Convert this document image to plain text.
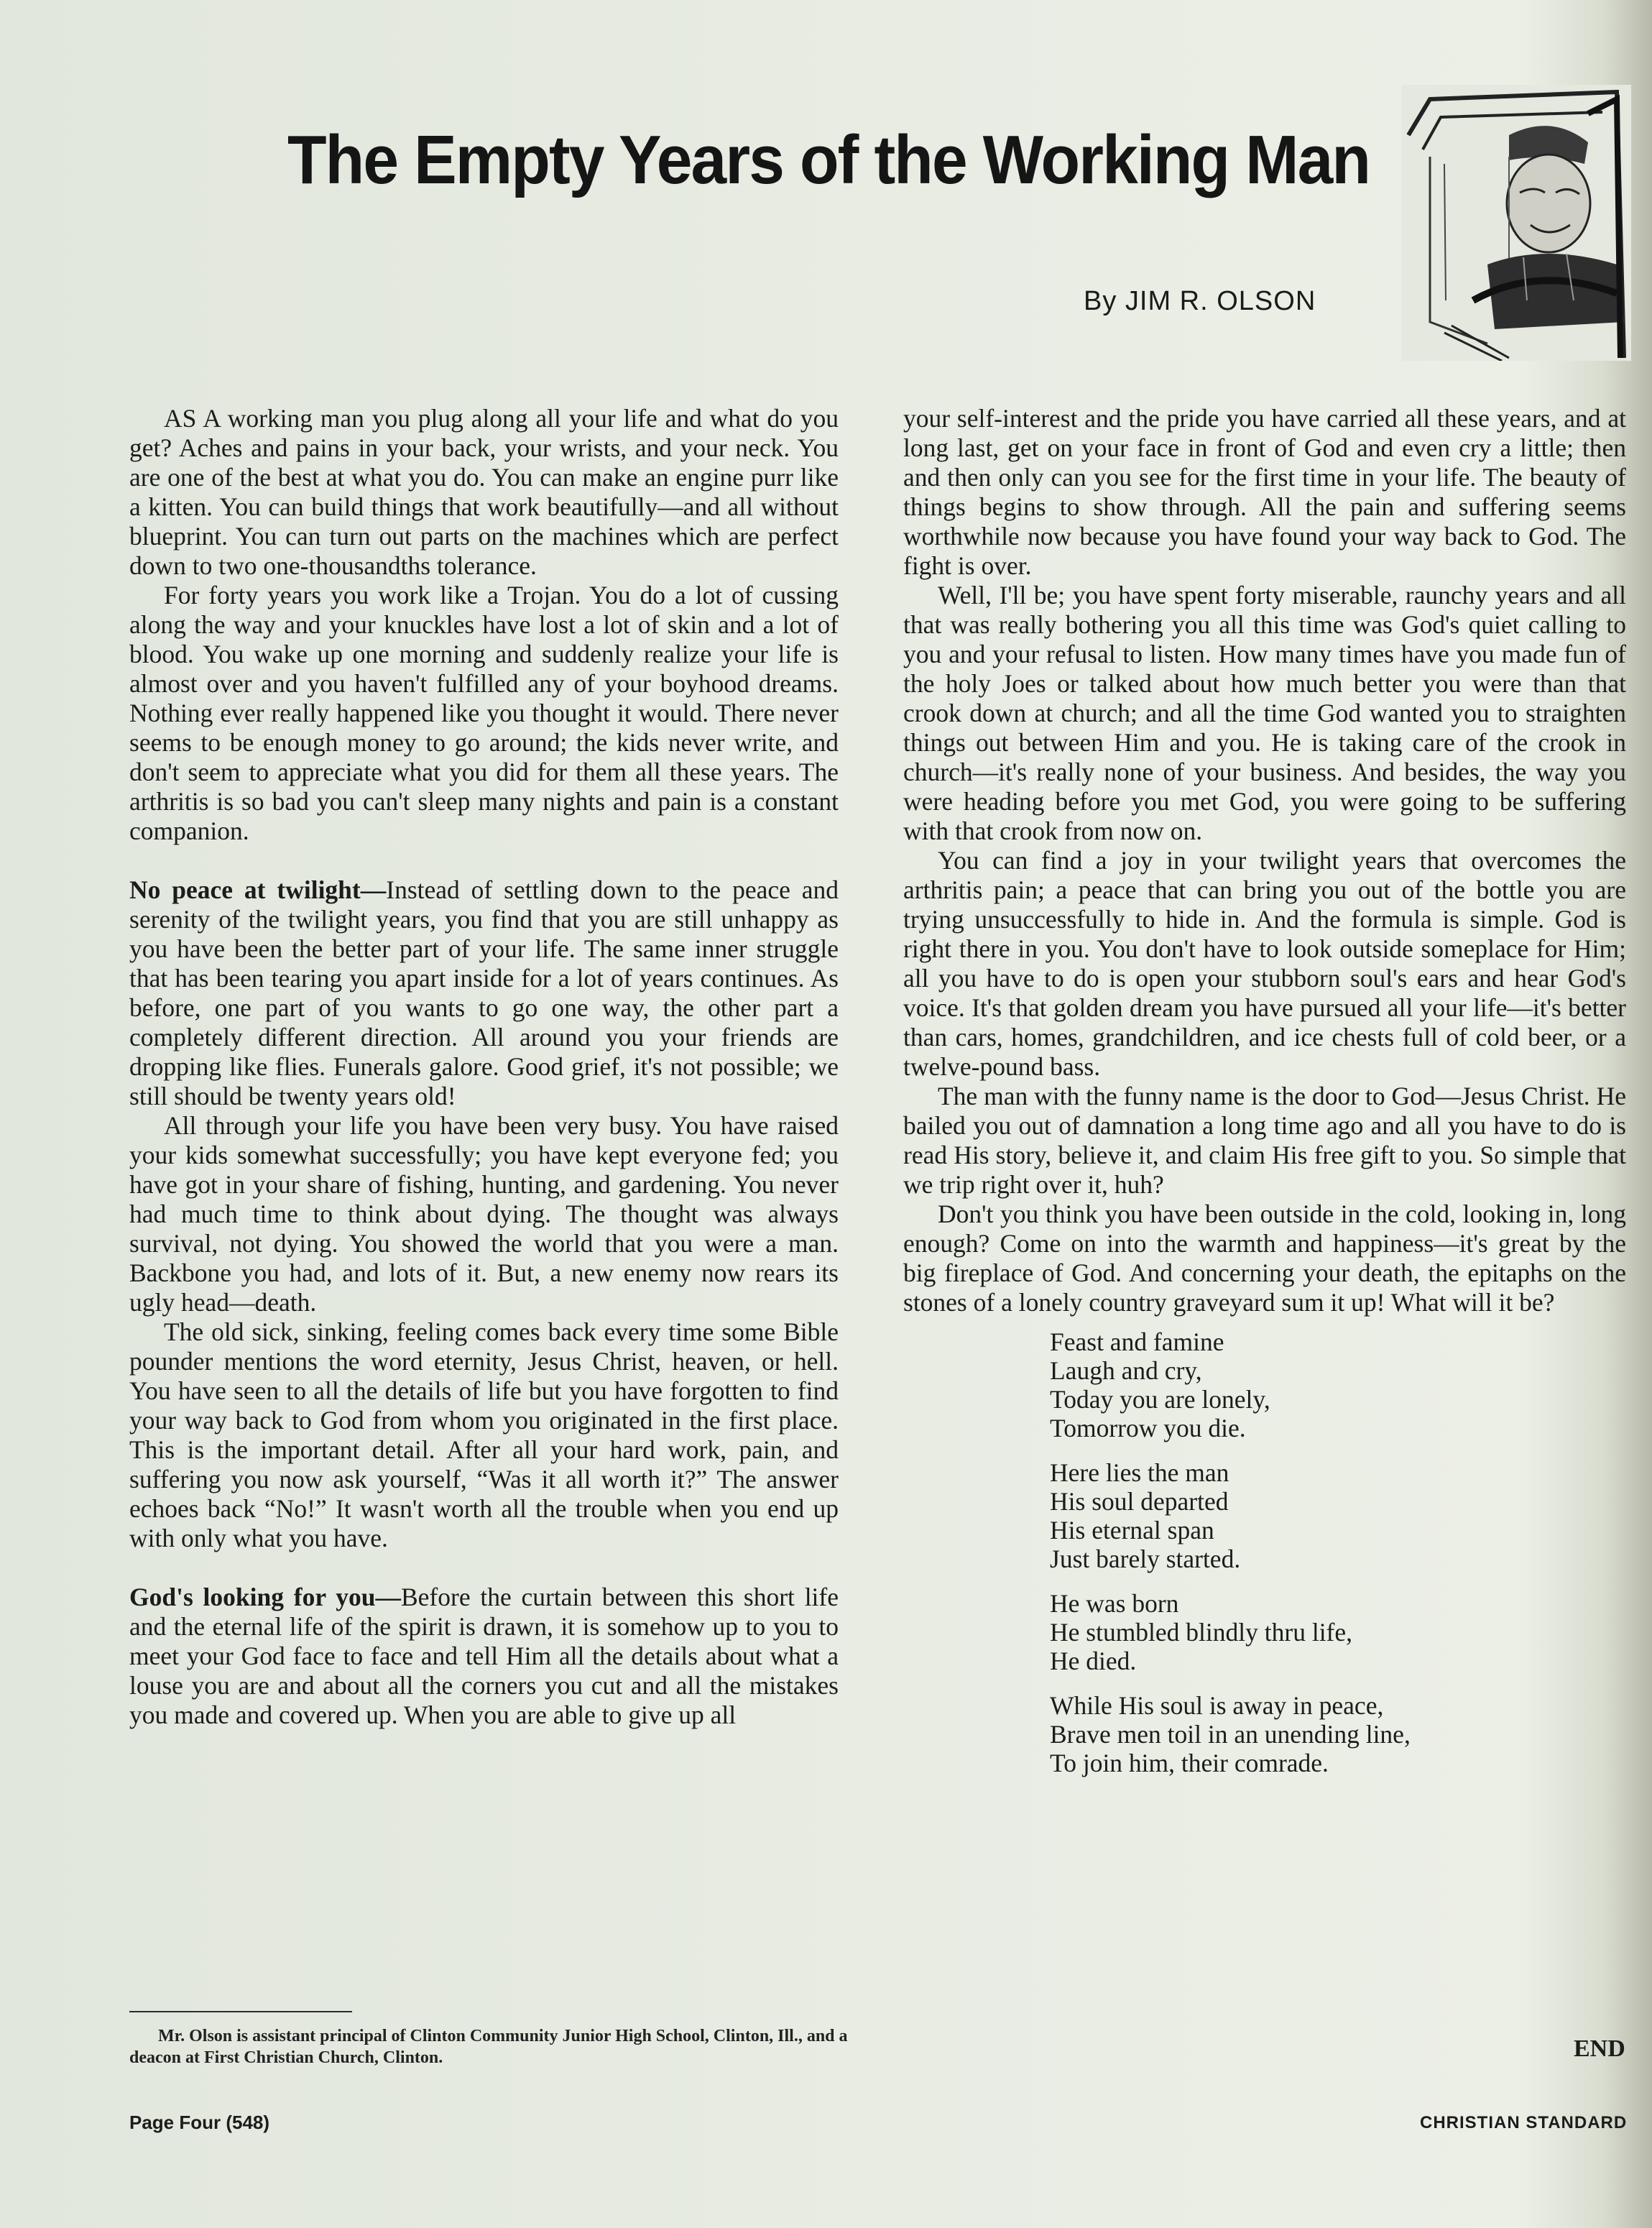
The Empty Years of the Working Man
By JIM R. OLSON

AS A working man you plug along all your life and what do you get? Aches and pains in your back, your wrists, and your neck. You are one of the best at what you do. You can make an engine purr like a kitten. You can build things that work beautifully—and all without blueprint. You can turn out parts on the machines which are perfect down to two one-thousandths tolerance.

For forty years you work like a Trojan. You do a lot of cussing along the way and your knuckles have lost a lot of skin and a lot of blood. You wake up one morning and suddenly realize your life is almost over and you haven't fulfilled any of your boyhood dreams. Nothing ever really happened like you thought it would. There never seems to be enough money to go around; the kids never write, and don't seem to appreciate what you did for them all these years. The arthritis is so bad you can't sleep many nights and pain is a constant companion.

No peace at twilight—Instead of settling down to the peace and serenity of the twilight years, you find that you are still unhappy as you have been the better part of your life. The same inner struggle that has been tearing you apart inside for a lot of years continues. As before, one part of you wants to go one way, the other part a completely different direction. All around you your friends are dropping like flies. Funerals galore. Good grief, it's not possible; we still should be twenty years old!

All through your life you have been very busy. You have raised your kids somewhat successfully; you have kept everyone fed; you have got in your share of fishing, hunting, and gardening. You never had much time to think about dying. The thought was always survival, not dying. You showed the world that you were a man. Backbone you had, and lots of it. But, a new enemy now rears its ugly head—death.

The old sick, sinking, feeling comes back every time some Bible pounder mentions the word eternity, Jesus Christ, heaven, or hell. You have seen to all the details of life but you have forgotten to find your way back to God from whom you originated in the first place. This is the important detail. After all your hard work, pain, and suffering you now ask yourself, “Was it all worth it?” The answer echoes back “No!” It wasn't worth all the trouble when you end up with only what you have.

God's looking for you—Before the curtain between this short life and the eternal life of the spirit is drawn, it is somehow up to you to meet your God face to face and tell Him all the details about what a louse you are and about all the corners you cut and all the mistakes you made and covered up. When you are able to give up all

your self-interest and the pride you have carried all these years, and at long last, get on your face in front of God and even cry a little; then and then only can you see for the first time in your life. The beauty of things begins to show through. All the pain and suffering seems worthwhile now because you have found your way back to God. The fight is over.

Well, I'll be; you have spent forty miserable, raunchy years and all that was really bothering you all this time was God's quiet calling to you and your refusal to listen. How many times have you made fun of the holy Joes or talked about how much better you were than that crook down at church; and all the time God wanted you to straighten things out between Him and you. He is taking care of the crook in church—it's really none of your business. And besides, the way you were heading before you met God, you were going to be suffering with that crook from now on.

You can find a joy in your twilight years that overcomes the arthritis pain; a peace that can bring you out of the bottle you are trying unsuccessfully to hide in. And the formula is simple. God is right there in you. You don't have to look outside someplace for Him; all you have to do is open your stubborn soul's ears and hear God's voice. It's that golden dream you have pursued all your life—it's better than cars, homes, grandchildren, and ice chests full of cold beer, or a twelve-pound bass.

The man with the funny name is the door to God—Jesus Christ. He bailed you out of damnation a long time ago and all you have to do is read His story, believe it, and claim His free gift to you. So simple that we trip right over it, huh?

Don't you think you have been outside in the cold, looking in, long enough? Come on into the warmth and happiness—it's great by the big fireplace of God. And concerning your death, the epitaphs on the stones of a lonely country graveyard sum it up! What will it be?

Feast and famine
Laugh and cry,
Today you are lonely,
Tomorrow you die.
Here lies the man
His soul departed
His eternal span
Just barely started.
He was born
He stumbled blindly thru life,
He died.
While His soul is away in peace,
Brave men toil in an unending line,
To join him, their comrade.
END
Mr. Olson is assistant principal of Clinton Community Junior High School, Clinton, Ill., and a deacon at First Christian Church, Clinton.
Page Four (548)	CHRISTIAN STANDARD
